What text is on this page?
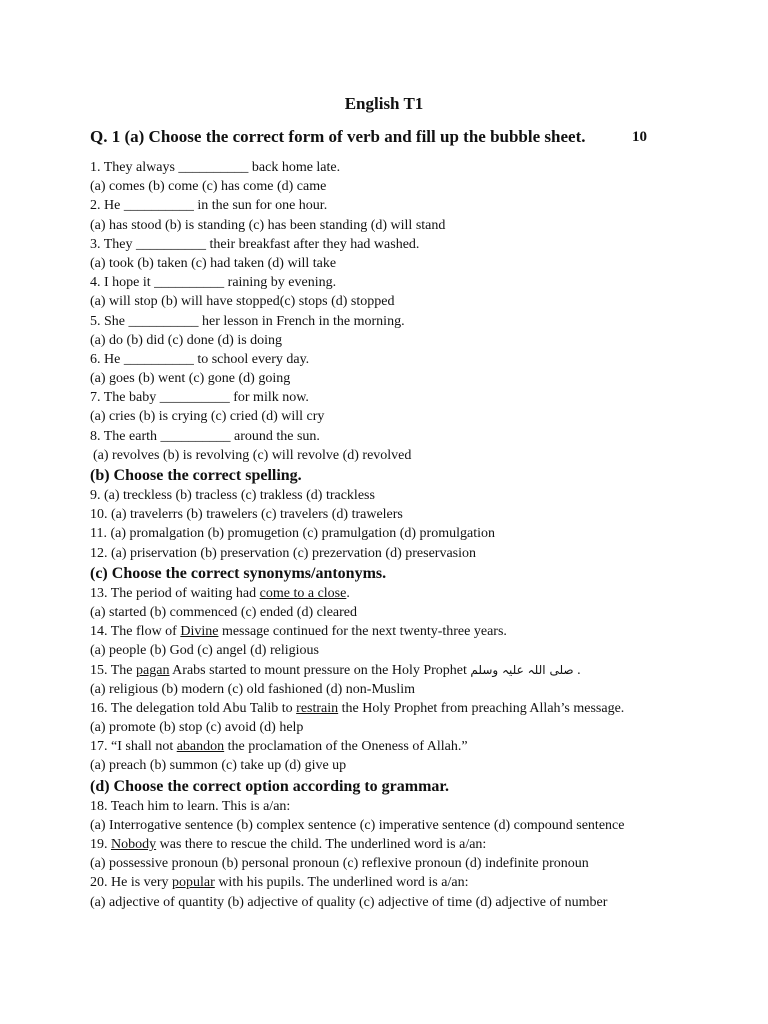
English T1
Q. 1 (a) Choose the correct form of verb and fill up the bubble sheet.	10
1. They always __________ back home late.
(a) comes (b) come (c) has come (d) came
2. He __________ in the sun for one hour.
(a) has stood (b) is standing (c) has been standing (d) will stand
3. They __________ their breakfast after they had washed.
(a) took (b) taken (c) had taken (d) will take
4. I hope it __________ raining by evening.
(a) will stop (b) will have stopped(c) stops (d) stopped
5. She __________ her lesson in French in the morning.
(a) do (b) did (c) done (d) is doing
6. He __________ to school every day.
(a) goes (b) went (c) gone (d) going
7. The baby __________ for milk now.
(a) cries (b) is crying (c) cried (d) will cry
8. The earth __________ around the sun.
(a) revolves (b) is revolving (c) will revolve (d) revolved
(b) Choose the correct spelling.
9. (a) treckless (b) tracless (c) trakless (d) trackless
10. (a) travelerrs (b) trawelers (c) travelers (d) trawelers
11. (a) promalgation (b) promugetion (c) pramulgation (d) promulgation
12. (a) priservation (b) preservation (c) prezervation (d) preservasion
(c) Choose the correct synonyms/antonyms.
13. The period of waiting had come to a close.
(a) started (b) commenced (c) ended (d) cleared
14. The flow of Divine message continued for the next twenty-three years.
(a) people (b) God (c) angel (d) religious
15. The pagan Arabs started to mount pressure on the Holy Prophet صلی اللہ علیہ وسلم .
(a) religious (b) modern (c) old fashioned (d) non-Muslim
16. The delegation told Abu Talib to restrain the Holy Prophet from preaching Allah’s message.
(a) promote (b) stop (c) avoid (d) help
17. “I shall not abandon the proclamation of the Oneness of Allah.”
(a) preach (b) summon (c) take up (d) give up
(d) Choose the correct option according to grammar.
18. Teach him to learn. This is a/an:
(a) Interrogative sentence (b) complex sentence (c) imperative sentence (d) compound sentence
19. Nobody was there to rescue the child. The underlined word is a/an:
(a) possessive pronoun (b) personal pronoun (c) reflexive pronoun (d) indefinite pronoun
20. He is very popular with his pupils. The underlined word is a/an:
(a) adjective of quantity (b) adjective of quality (c) adjective of time (d) adjective of number
